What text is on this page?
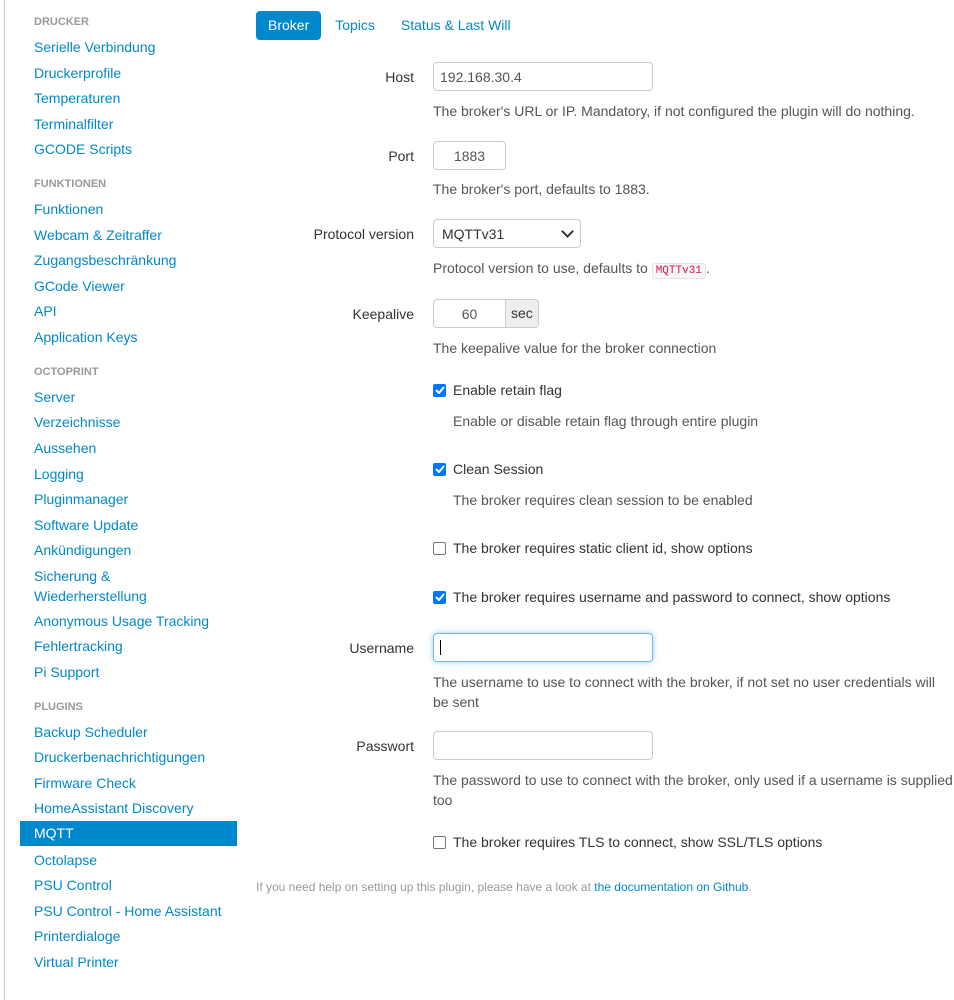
DRUCKER
Serielle Verbindung
Druckerprofile
Temperaturen
Terminalfilter
GCODE Scripts
FUNKTIONEN
Funktionen
Webcam & Zeitraffer
Zugangsbeschränkung
GCode Viewer
API
Application Keys
OCTOPRINT
Server
Verzeichnisse
Aussehen
Logging
Pluginmanager
Software Update
Ankündigungen
Sicherung &
Wiederherstellung
Anonymous Usage Tracking
Fehlertracking
Pi Support
PLUGINS
Backup Scheduler
Druckerbenachrichtigungen
Firmware Check
HomeAssistant Discovery
MQTT
Octolapse
PSU Control
PSU Control - Home Assistant
Printerdialoge
Virtual Printer
Broker	Topics	Status & Last Will
Host
192.168.30.4
The broker's URL or IP. Mandatory, if not configured the plugin will do nothing.
Port
1883
The broker's port, defaults to 1883.
Protocol version MQTTv31
Protocol version to use, defaults to MQTTv31 .
Keepalive
60	sec
The keepalive value for the broker connection
Enable retain flag
Enable or disable retain flag through entire plugin
Clean Session
The broker requires clean session to be enabled
The broker requires static client id, show options
The broker requires username and password to connect, show options
Username
The username to use to connect with the broker, if not set no user credentials will be sent
Passwort
The password to use to connect with the broker, only used if a username is supplied too
The broker requires TLS to connect, show SSL/TLS options
If you need help on setting up this plugin, please have a look at the documentation on Github.
